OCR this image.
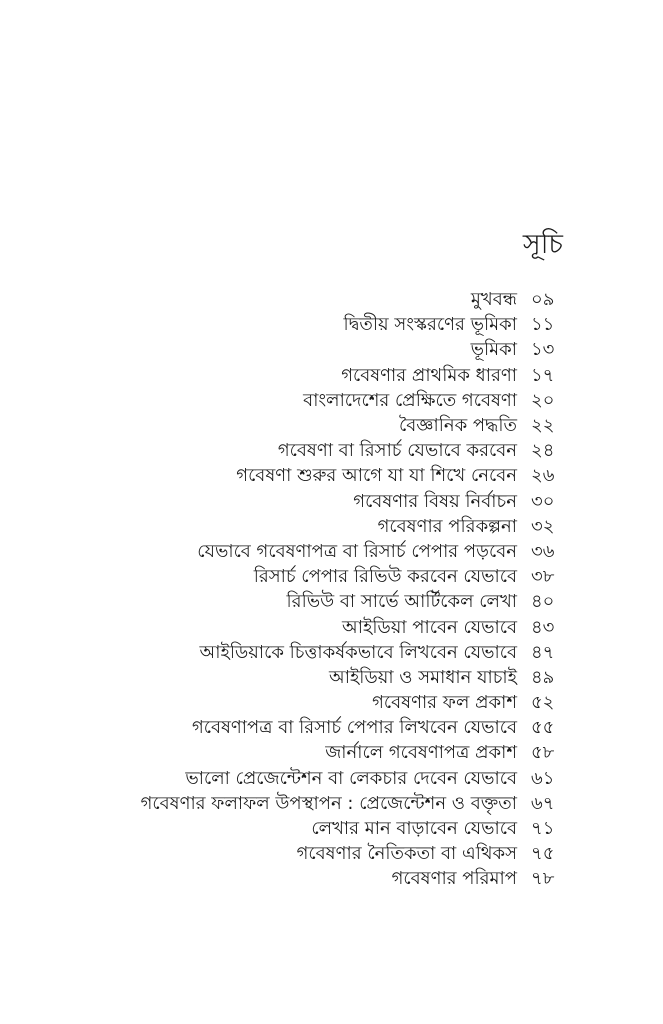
সূচি
মুখবন্ধ ০৯
দ্বিতীয় সংস্করণের ভূমিকা ১১
ভূমিকা ১৩
গবেষণার প্রাথমিক ধারণা ১৭
বাংলাদেশের প্রেক্ষিতে গবেষণা ২০
বৈজ্ঞানিক পদ্ধতি ২২
গবেষণা বা রিসার্চ যেভাবে করবেন ২৪
গবেষণা শুরুর আগে যা যা শিখে নেবেন ২৬
গবেষণার বিষয় নির্বাচন ৩০
গবেষণার পরিকল্পনা ৩২
যেভাবে গবেষণাপত্র বা রিসার্চ পেপার পড়বেন ৩৬
রিসার্চ পেপার রিভিউ করবেন যেভাবে ৩৮
রিভিউ বা সার্ভে আর্টিকেল লেখা ৪০
আইডিয়া পাবেন যেভাবে ৪৩
আইডিয়াকে চিত্তাকর্ষকভাবে লিখবেন যেভাবে ৪৭
আইডিয়া ও সমাধান যাচাই ৪৯
গবেষণার ফল প্রকাশ ৫২
গবেষণাপত্র বা রিসার্চ পেপার লিখবেন যেভাবে ৫৫
জার্নালে গবেষণাপত্র প্রকাশ ৫৮
ভালো প্রেজেন্টেশন বা লেকচার দেবেন যেভাবে ৬১
গবেষণার ফলাফল উপস্থাপন : প্রেজেন্টেশন ও বক্তৃতা ৬৭
লেখার মান বাড়াবেন যেভাবে ৭১
গবেষণার নৈতিকতা বা এথিকস ৭৫
গবেষণার পরিমাপ ৭৮
